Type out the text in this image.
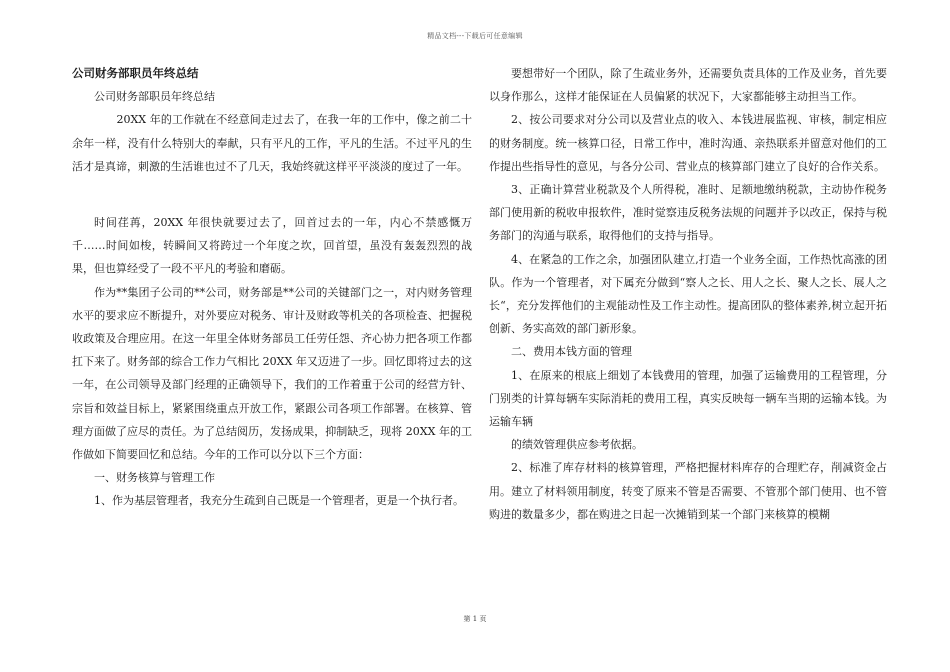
精品文档---下载后可任意编辑

公司财务部职员年终总结

公司财务部职员年终总结

　　　　20XX 年的工作就在不经意间走过去了，在我一年的工作中，像之前二十余年一样，没有什么特别大的奉献，只有平凡的工作，平凡的生活。不过平凡的生活才是真谛，刺激的生活谁也过不了几天，我始终就这样平平淡淡的度过了一年。

时间荏苒，20XX 年很快就要过去了，回首过去的一年，内心不禁感慨万千……时间如梭，转瞬间又将跨过一个年度之坎，回首望，虽没有轰轰烈烈的战果，但也算经受了一段不平凡的考验和磨砺。

作为**集团子公司的**公司，财务部是**公司的关键部门之一，对内财务管理水平的要求应不断提升，对外要应对税务、审计及财政等机关的各项检查、把握税收政策及合理应用。在这一年里全体财务部员工任劳任怨、齐心协力把各项工作都扛下来了。财务部的综合工作力气相比 20XX 年又迈进了一步。回忆即将过去的这一年，在公司领导及部门经理的正确领导下，我们的工作着重于公司的经营方针、宗旨和效益目标上，紧紧围绕重点开放工作，紧跟公司各项工作部署。在核算、管理方面做了应尽的责任。为了总结阅历，发扬成果，抑制缺乏，现将 20XX 年的工作做如下简要回忆和总结。今年的工作可以分以下三个方面：

一、财务核算与管理工作

1、作为基层管理者，我充分生疏到自己既是一个管理者，更是一个执行者。

要想带好一个团队，除了生疏业务外，还需要负责具体的工作及业务，首先要以身作那么，这样才能保证在人员偏紧的状况下，大家都能够主动担当工作。

2、按公司要求对分公司以及营业点的收入、本钱进展监视、审核，制定相应的财务制度。统一核算口径，日常工作中，准时沟通、亲热联系并留意对他们的工作提出些指导性的意见，与各分公司、营业点的核算部门建立了良好的合作关系。

3、正确计算营业税款及个人所得税，准时、足额地缴纳税款，主动协作税务部门使用新的税收申报软件，准时觉察违反税务法规的问题并予以改正，保持与税务部门的沟通与联系，取得他们的支持与指导。

4、在紧急的工作之余，加强团队建立,打造一个业务全面，工作热忱高涨的团队。作为一个管理者，对下属充分做到“察人之长、用人之长、聚人之长、展人之长“，充分发挥他们的主观能动性及工作主动性。提高团队的整体素养,树立起开拓创新、务实高效的部门新形象。

二、费用本钱方面的管理

1、在原来的根底上细划了本钱费用的管理，加强了运输费用的工程管理，分门别类的计算每辆车实际消耗的费用工程，真实反映每一辆车当期的运输本钱。为运输车辆

的绩效管理供应参考依据。

2、标准了库存材料的核算管理，严格把握材料库存的合理贮存，削减资金占用。建立了材料领用制度，转变了原来不管是否需要、不管那个部门使用、也不管购进的数量多少，都在购进之日起一次摊销到某一个部门来核算的模糊

第 1 页
